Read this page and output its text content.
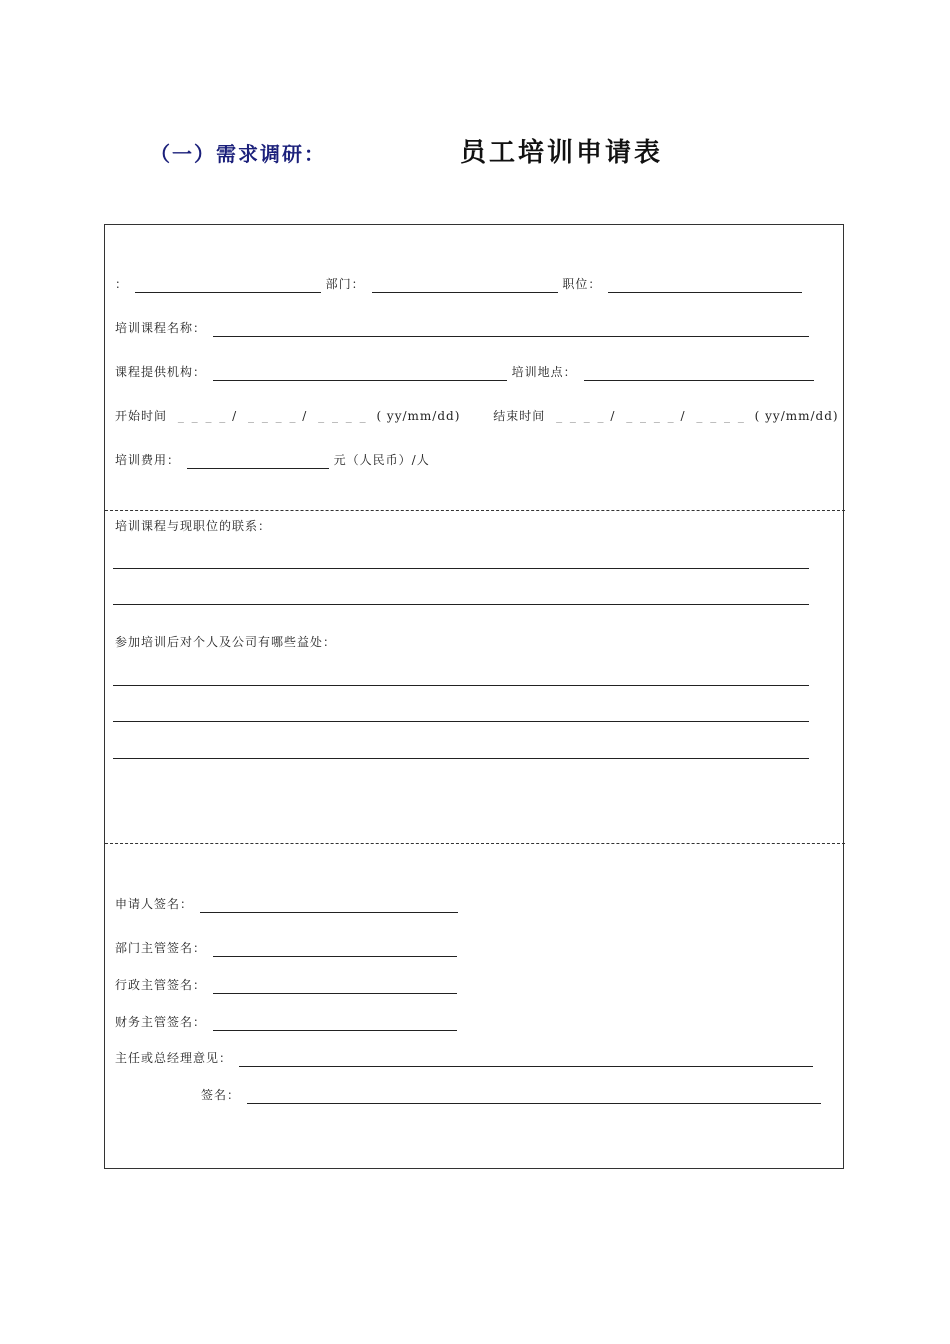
（一）需求调研：	员工培训申请表
：	部门：	职位：
培训课程名称：
课程提供机构：	培训地点：
开始时间 _ _ _ _ / _ _ _ _ / _ _ _ _ ( yy/mm/dd)	结束时间 _ _ _ _ / _ _ _ _ / _ _ _ _ ( yy/mm/dd)
培训费用：	元（人民币）/人
培训课程与现职位的联系：
参加培训后对个人及公司有哪些益处：
申请人签名：
部门主管签名：
行政主管签名：
财务主管签名：
主任或总经理意见：
签名：
